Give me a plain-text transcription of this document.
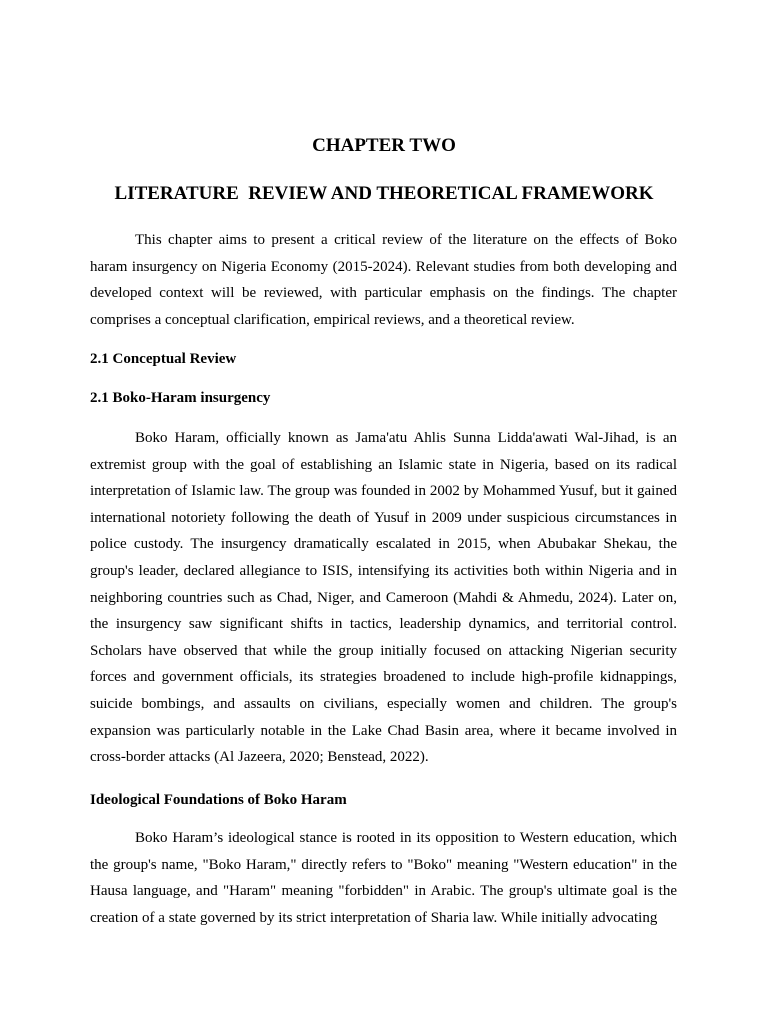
CHAPTER TWO
LITERATURE  REVIEW AND THEORETICAL FRAMEWORK

This chapter aims to present a critical review of the literature on the effects of Boko haram insurgency on Nigeria Economy (2015-2024). Relevant studies from both developing and developed context will be reviewed, with particular emphasis on the findings. The chapter comprises a conceptual clarification, empirical reviews, and a theoretical review.

2.1 Conceptual Review
2.1 Boko-Haram insurgency

Boko Haram, officially known as Jama'atu Ahlis Sunna Lidda'awati Wal-Jihad, is an extremist group with the goal of establishing an Islamic state in Nigeria, based on its radical interpretation of Islamic law. The group was founded in 2002 by Mohammed Yusuf, but it gained international notoriety following the death of Yusuf in 2009 under suspicious circumstances in police custody. The insurgency dramatically escalated in 2015, when Abubakar Shekau, the group's leader, declared allegiance to ISIS, intensifying its activities both within Nigeria and in neighboring countries such as Chad, Niger, and Cameroon (Mahdi & Ahmedu, 2024). Later on, the insurgency saw significant shifts in tactics, leadership dynamics, and territorial control. Scholars have observed that while the group initially focused on attacking Nigerian security forces and government officials, its strategies broadened to include high-profile kidnappings, suicide bombings, and assaults on civilians, especially women and children. The group's expansion was particularly notable in the Lake Chad Basin area, where it became involved in cross-border attacks (Al Jazeera, 2020; Benstead, 2022).

Ideological Foundations of Boko Haram

Boko Haram’s ideological stance is rooted in its opposition to Western education, which the group's name, "Boko Haram," directly refers to "Boko" meaning "Western education" in the Hausa language, and "Haram" meaning "forbidden" in Arabic. The group's ultimate goal is the creation of a state governed by its strict interpretation of Sharia law. While initially advocating
